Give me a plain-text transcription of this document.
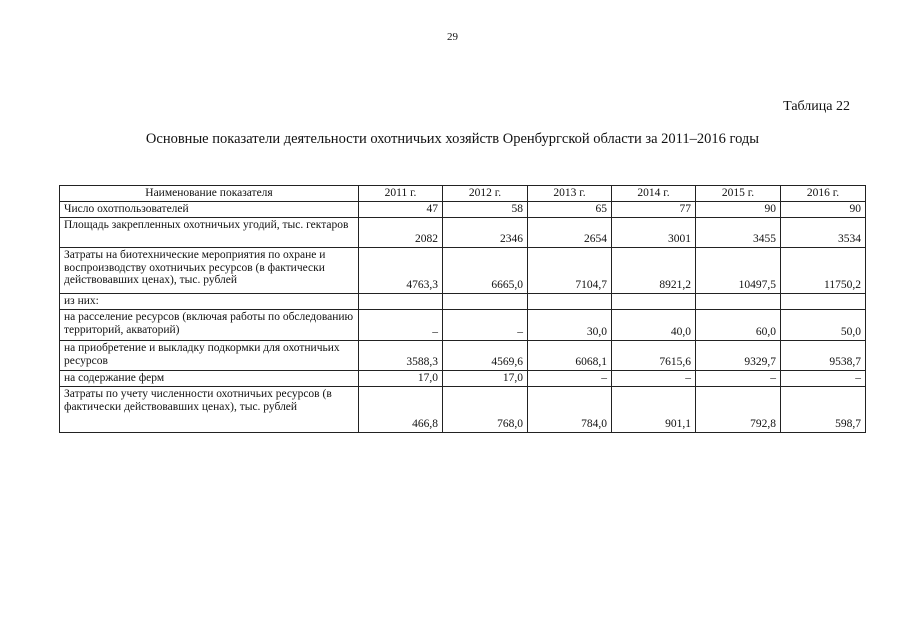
29
Таблица 22
Основные показатели деятельности охотничьих хозяйств Оренбургской области за 2011–2016 годы
Наименование показателя	2011 г.	2012 г.	2013 г.	2014 г.	2015 г.	2016 г.
Число охотпользователей	47	58	65	77	90	90
Площадь закрепленных охотничьих угодий, тыс. гектаров	2082	2346	2654	3001	3455	3534
Затраты на биотехнические мероприятия по охране и воспроизводству охотничьих ресурсов (в фактически действовавших ценах), тыс. рублей	4763,3	6665,0	7104,7	8921,2	10497,5	11750,2
из них:						
на расселение ресурсов (включая работы по обследованию территорий, акваторий)	–	–	30,0	40,0	60,0	50,0
на приобретение и выкладку подкормки для охотничьих ресурсов	3588,3	4569,6	6068,1	7615,6	9329,7	9538,7
на содержание ферм	17,0	17,0	–	–	–	–
Затраты по учету численности охотничьих ресурсов (в фактически действовавших ценах), тыс. рублей	466,8	768,0	784,0	901,1	792,8	598,7
